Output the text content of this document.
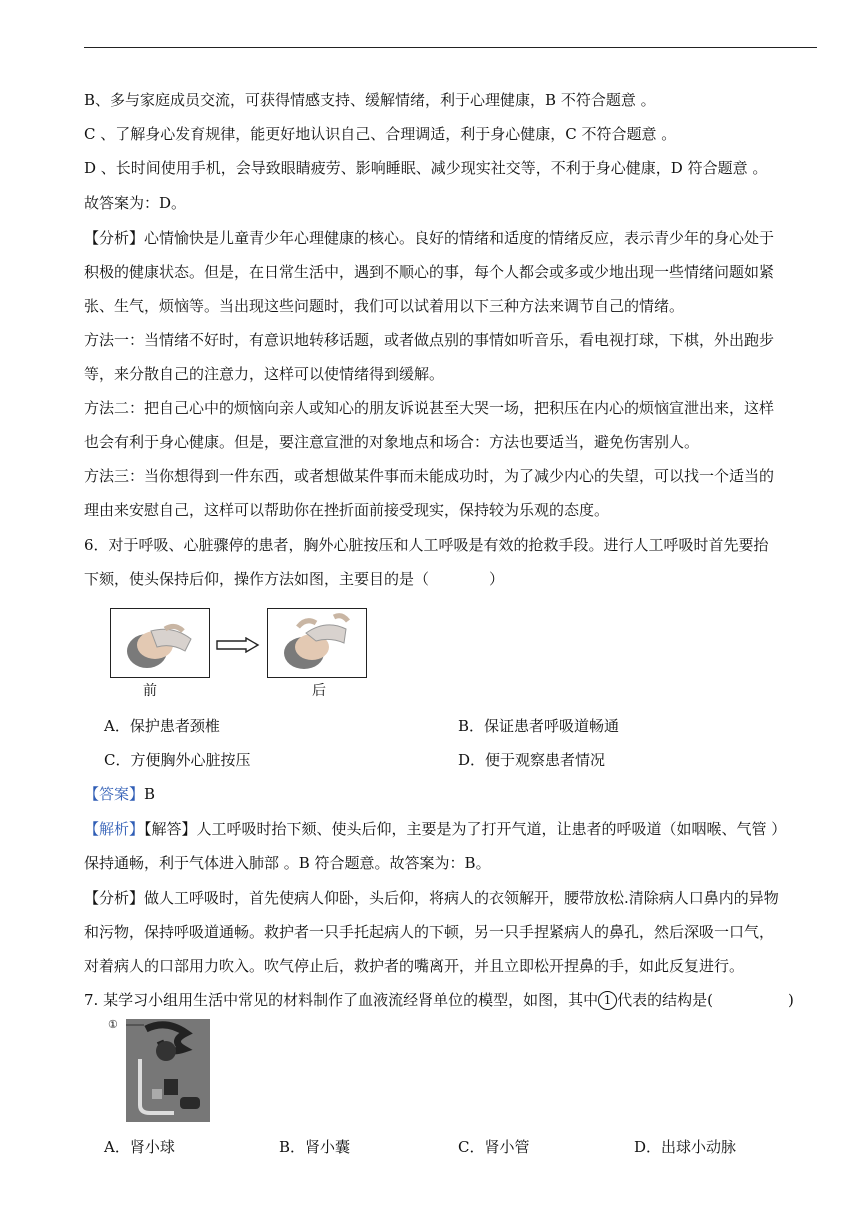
B、多与家庭成员交流，可获得情感支持、缓解情绪，利于心理健康，B 不符合题意 。
C 、了解身心发育规律，能更好地认识自己、合理调适，利于身心健康，C 不符合题意 。
D 、长时间使用手机，会导致眼睛疲劳、影响睡眠、减少现实社交等，不利于身心健康，D 符合题意 。
故答案为：D。
【分析】心情愉快是儿童青少年心理健康的核心。良好的情绪和适度的情绪反应，表示青少年的身心处于
积极的健康状态。但是，在日常生活中，遇到不顺心的事，每个人都会或多或少地出现一些情绪问题如紧
张、生气，烦恼等。当出现这些问题时，我们可以试着用以下三种方法来调节自己的情绪。
方法一：当情绪不好时，有意识地转移话题，或者做点别的事情如听音乐，看电视打球，下棋，外出跑步
等，来分散自己的注意力，这样可以使情绪得到缓解。
方法二：把自己心中的烦恼向亲人或知心的朋友诉说甚至大哭一场，把积压在内心的烦恼宣泄出来，这样
也会有利于身心健康。但是，要注意宣泄的对象地点和场合：方法也要适当，避免伤害别人。
方法三：当你想得到一件东西，或者想做某件事而未能成功时，为了减少内心的失望，可以找一个适当的
理由来安慰自己，这样可以帮助你在挫折面前接受现实，保持较为乐观的态度。
6．对于呼吸、心脏骤停的患者，胸外心脏按压和人工呼吸是有效的抢救手段。进行人工呼吸时首先要抬
下颏，使头保持后仰，操作方法如图，主要目的是（　　　　）
前	后
A．保护患者颈椎	B．保证患者呼吸道畅通
C．方便胸外心脏按压	D．便于观察患者情况
【答案】B
【解析】【解答】人工呼吸时抬下颏、使头后仰，主要是为了打开气道，让患者的呼吸道（如咽喉、气管 ）
保持通畅，利于气体进入肺部 。B 符合题意。故答案为：B。
【分析】做人工呼吸时，首先使病人仰卧，头后仰，将病人的衣领解开，腰带放松.清除病人口鼻内的异物
和污物，保持呼吸道通畅。救护者一只手托起病人的下顿，另一只手捏紧病人的鼻孔，然后深吸一口气，
对着病人的口部用力吹入。吹气停止后，救护者的嘴离开，并且立即松开捏鼻的手，如此反复进行。
7. 某学习小组用生活中常见的材料制作了血液流经肾单位的模型，如图，其中 1 代表的结构是(　　　　　)
①
A．肾小球	B．肾小囊	C．肾小管	D．出球小动脉
